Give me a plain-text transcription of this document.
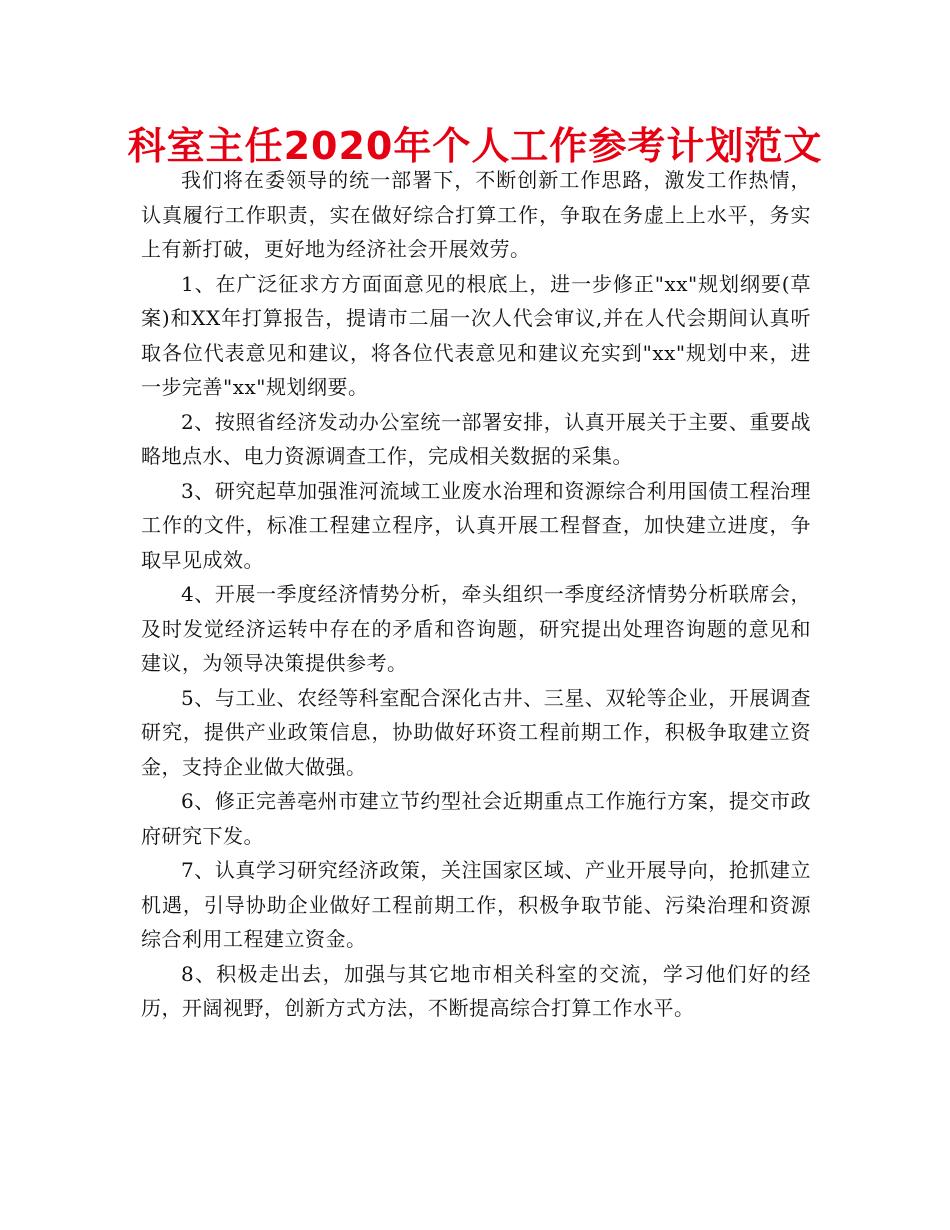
科室主任2020年个人工作参考计划范文

我们将在委领导的统一部署下，不断创新工作思路，激发工作热情，认真履行工作职责，实在做好综合打算工作，争取在务虚上上水平，务实上有新打破，更好地为经济社会开展效劳。

1、在广泛征求方方面面意见的根底上，进一步修正"xx"规划纲要(草案)和XX年打算报告，提请市二届一次人代会审议,并在人代会期间认真听取各位代表意见和建议，将各位代表意见和建议充实到"xx"规划中来，进一步完善"xx"规划纲要。

2、按照省经济发动办公室统一部署安排，认真开展关于主要、重要战略地点水、电力资源调查工作，完成相关数据的采集。

3、研究起草加强淮河流域工业废水治理和资源综合利用国债工程治理工作的文件，标准工程建立程序，认真开展工程督查，加快建立进度，争取早见成效。

4、开展一季度经济情势分析，牵头组织一季度经济情势分析联席会，及时发觉经济运转中存在的矛盾和咨询题，研究提出处理咨询题的意见和建议，为领导决策提供参考。

5、与工业、农经等科室配合深化古井、三星、双轮等企业，开展调查研究，提供产业政策信息，协助做好环资工程前期工作，积极争取建立资金，支持企业做大做强。

6、修正完善亳州市建立节约型社会近期重点工作施行方案，提交市政府研究下发。

7、认真学习研究经济政策，关注国家区域、产业开展导向，抢抓建立机遇，引导协助企业做好工程前期工作，积极争取节能、污染治理和资源综合利用工程建立资金。

8、积极走出去，加强与其它地市相关科室的交流，学习他们好的经历，开阔视野，创新方式方法，不断提高综合打算工作水平。
